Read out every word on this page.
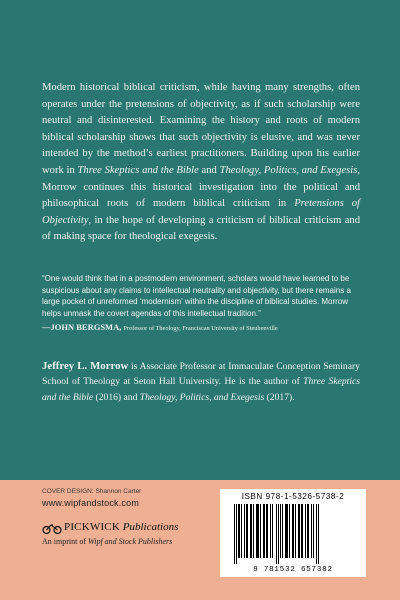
Modern historical biblical criticism, while having many strengths, often operates under the pretensions of objectivity, as if such scholarship were neutral and disinterested. Examining the history and roots of modern biblical scholarship shows that such objectivity is elusive, and was never intended by the method’s earliest practitioners. Building upon his earlier work in Three Skeptics and the Bible and Theology, Politics, and Exegesis, Morrow continues this historical investigation into the political and philosophical roots of modern biblical criticism in Pretensions of Objectivity, in the hope of developing a criticism of biblical criticism and of making space for theological exegesis.

“One would think that in a postmodern environment, scholars would have learned to be suspicious about any claims to intellectual neutrality and objectivity, but there remains a large pocket of unreformed ‘modernism’ within the discipline of biblical studies. Morrow helps unmask the covert agendas of this intellectual tradition.”

—JOHN BERGSMA, Professor of Theology, Franciscan University of Steubenville

Jeffrey L. Morrow is Associate Professor at Immaculate Conception Seminary School of Theology at Seton Hall University. He is the author of Three Skeptics and the Bible (2016) and Theology, Politics, and Exegesis (2017).

COVER DESIGN: Shannon Carter

www.wipfandstock.com

PICKWICK Publications

An imprint of Wipf and Stock Publishers

ISBN 978-1-5326-5738-2

9 781532 657382
